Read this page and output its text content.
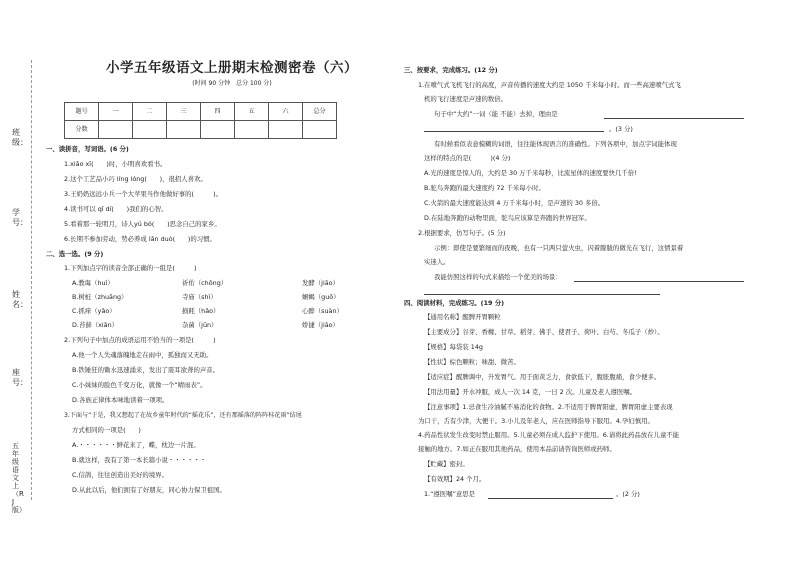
班级：
学号：
姓名：
座号：
五年级语文上（RJ版）
小学五年级语文上册期末检测密卷（六）
(时间 90 分钟　总分 100 分)
题号	一	二	三	四	五	六	总分
分数							
一、读拼音，写词语。(6 分)
1.xiǎo xī(　　)时，小明喜欢看书。
2.这个工艺品小巧 líng lóng(　　)，很招人喜欢。
3.王奶奶远远小兵一个大苹果当作他做好事的(　　　)。
4.读书可以 qǐ dí(　　)我们的心智。
5.看着那一轮明月，诗人yú bó(　　)思念自己的家乡。
6.长期不参加劳动，势必养成 lǎn duò(　　)的习惯。
二、选一选。(9 分)
1.下列加点字的读音全部正确的一组是(　　　)
A.教诲（huì）	祈佑（chōng）	发酵（jiāo）
B.树桩（zhuāng）	寺庙（shì）	蛔蝎（guō）
C.抓痒（yǎo）	损耗（hǎo）	心醉（suàn）
D.苔藓（xiǎn）	杂菌（jūn）	娇捷（jiāo）
2.下列句子中加点的成语运用不恰当的一项是(　　　)
A.他一个人失魂落魄地走在雨中，孤独而又无助。
B.铁锤狂的锄水迅速涌来，发出了震耳欲聋的声音。
C.小妹妹的脸色千变万化，就像一个“晴雨表”。
D.各族正律体本味地读着一项项。
3.下面与“于是，我又想起了在故乡童年时代的“摇花乐”，还有那摇落的阵阵桂花雨”结尾
方式相同的一项是(　　)
A.・・・・・・鲜花来了，蝶，枕边一片混。
B.就这样，我有了第一本长篇小说・・・・・・
C.信鸽，往往创造出美好的境界。
D.从此以后，他们拥有了好朋友，同心协力保卫祖国。
三、按要求，完成练习。(12 分)
1.在喷气式飞机飞行的高度，声音传播的速度大约是 1050 千米每小时。而一些高速喷气式飞
机的飞行速度是声速的数倍。
句子中“大约”一词（能 不能）去掉，理由是
。(3 分)
有时候看似表意模糊的词语，往往能体现语言的准确性。下列各项中，加点字词能体现
这样的特点的是(　　　)(4 分)
A.光的速度是惊人的，大约是 30 万千米每秒，比流星体的速度要快几千倍!
B.驼鸟奔跑的最大速度约 72 千米每小时。
C.火箭的最大速度能达到 4 万千米每小时，是声速的 30 多倍。
D.在陆地奔跑的动物里面，鸵鸟应该算是奔跑的世界冠军。
2.根据要求，仿写句子。(5 分)
示例：即使是要繁细而的夜晚，也有一只两只萤火虫，闪着朦胧的微光在飞行，这情景着
实迷人。
我能仿照这样的句式来描绘一个优美的场景：
四、阅读材料，完成练习。(19 分)
【通用名称】醒脾开胃颗粒
【主要成分】谷芽、香橼、甘草、稻芽、佛手、使君子、荷叶、白芍、冬瓜子（炒）。
【规格】每袋装 14g
【性状】棕色颗粒；味甜、微苦。
【适应症】醒脾调中，升发胃气。用于面黄乏力，食欲低下，腹胀腹痛，食少便多。
【用法用量】开水冲服，成人一次 14 克，一日 2 次。儿童及老人遵医嘱。
【注意事项】1.忌食生冷油腻不易消化的食物。2.不适用于脾胃阳虚，脾胃阳虚主要表现
为口干，舌有少津，大便干。3.小儿及年老人，应在医师指导下服用。4.孕妇慎用。
4.药品性状发生改变时禁止服用。5.儿童必须在成人监护下使用。6.请将此药品放在儿童不能
接触的地方。7.如正在服用其他药品，使用本品前请咨询医师或药师。
【贮藏】密封。
【有效期】24 个月。
1.“遵医嘱”意思是	。(2 分)
